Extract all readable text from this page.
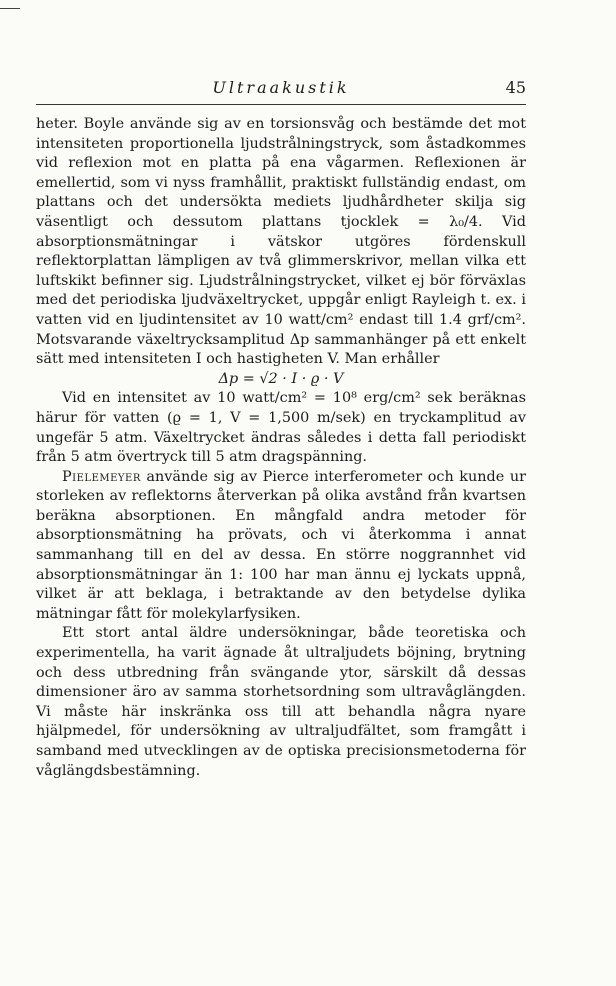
Ultraakustik	45

heter. Boyle använde sig av en torsionsvåg och bestämde det mot intensiteten proportionella ljudstrålningstryck, som åstadkommes vid reflexion mot en platta på ena vågarmen. Reflexionen är emellertid, som vi nyss framhållit, praktiskt fullständig endast, om plattans och det undersökta mediets ljudhårdheter skilja sig väsentligt och dessutom plattans tjocklek = λ₀/4. Vid absorptionsmätningar i vätskor utgöres fördenskull reflektorplattan lämpligen av två glimmerskrivor, mellan vilka ett luftskikt befinner sig. Ljudstrålningstrycket, vilket ej bör förväxlas med det periodiska ljudväxeltrycket, uppgår enligt Rayleigh t. ex. i vatten vid en ljudintensitet av 10 watt/cm² endast till 1.4 grf/cm². Motsvarande växeltrycksamplitud Δp sammanhänger på ett enkelt sätt med intensiteten I och hastigheten V. Man erhåller

Δp = √2 · I · ϱ · V

Vid en intensitet av 10 watt/cm² = 10⁸ erg/cm² sek beräknas härur för vatten (ϱ = 1, V = 1,500 m/sek) en tryckamplitud av ungefär 5 atm. Växeltrycket ändras således i detta fall periodiskt från 5 atm övertryck till 5 atm dragspänning.

Pielemeyer använde sig av Pierce interferometer och kunde ur storleken av reflektorns återverkan på olika avstånd från kvartsen beräkna absorptionen. En mångfald andra metoder för absorptionsmätning ha prövats, och vi återkomma i annat sammanhang till en del av dessa. En större noggrannhet vid absorptionsmätningar än 1: 100 har man ännu ej lyckats uppnå, vilket är att beklaga, i betraktande av den betydelse dylika mätningar fått för molekylarfysiken.

Ett stort antal äldre undersökningar, både teoretiska och experimentella, ha varit ägnade åt ultraljudets böjning, brytning och dess utbredning från svängande ytor, särskilt då dessas dimensioner äro av samma storhetsordning som ultravåglängden. Vi måste här inskränka oss till att behandla några nyare hjälpmedel, för undersökning av ultraljudfältet, som framgått i samband med utvecklingen av de optiska precisionsmetoderna för våglängdsbestämning.
